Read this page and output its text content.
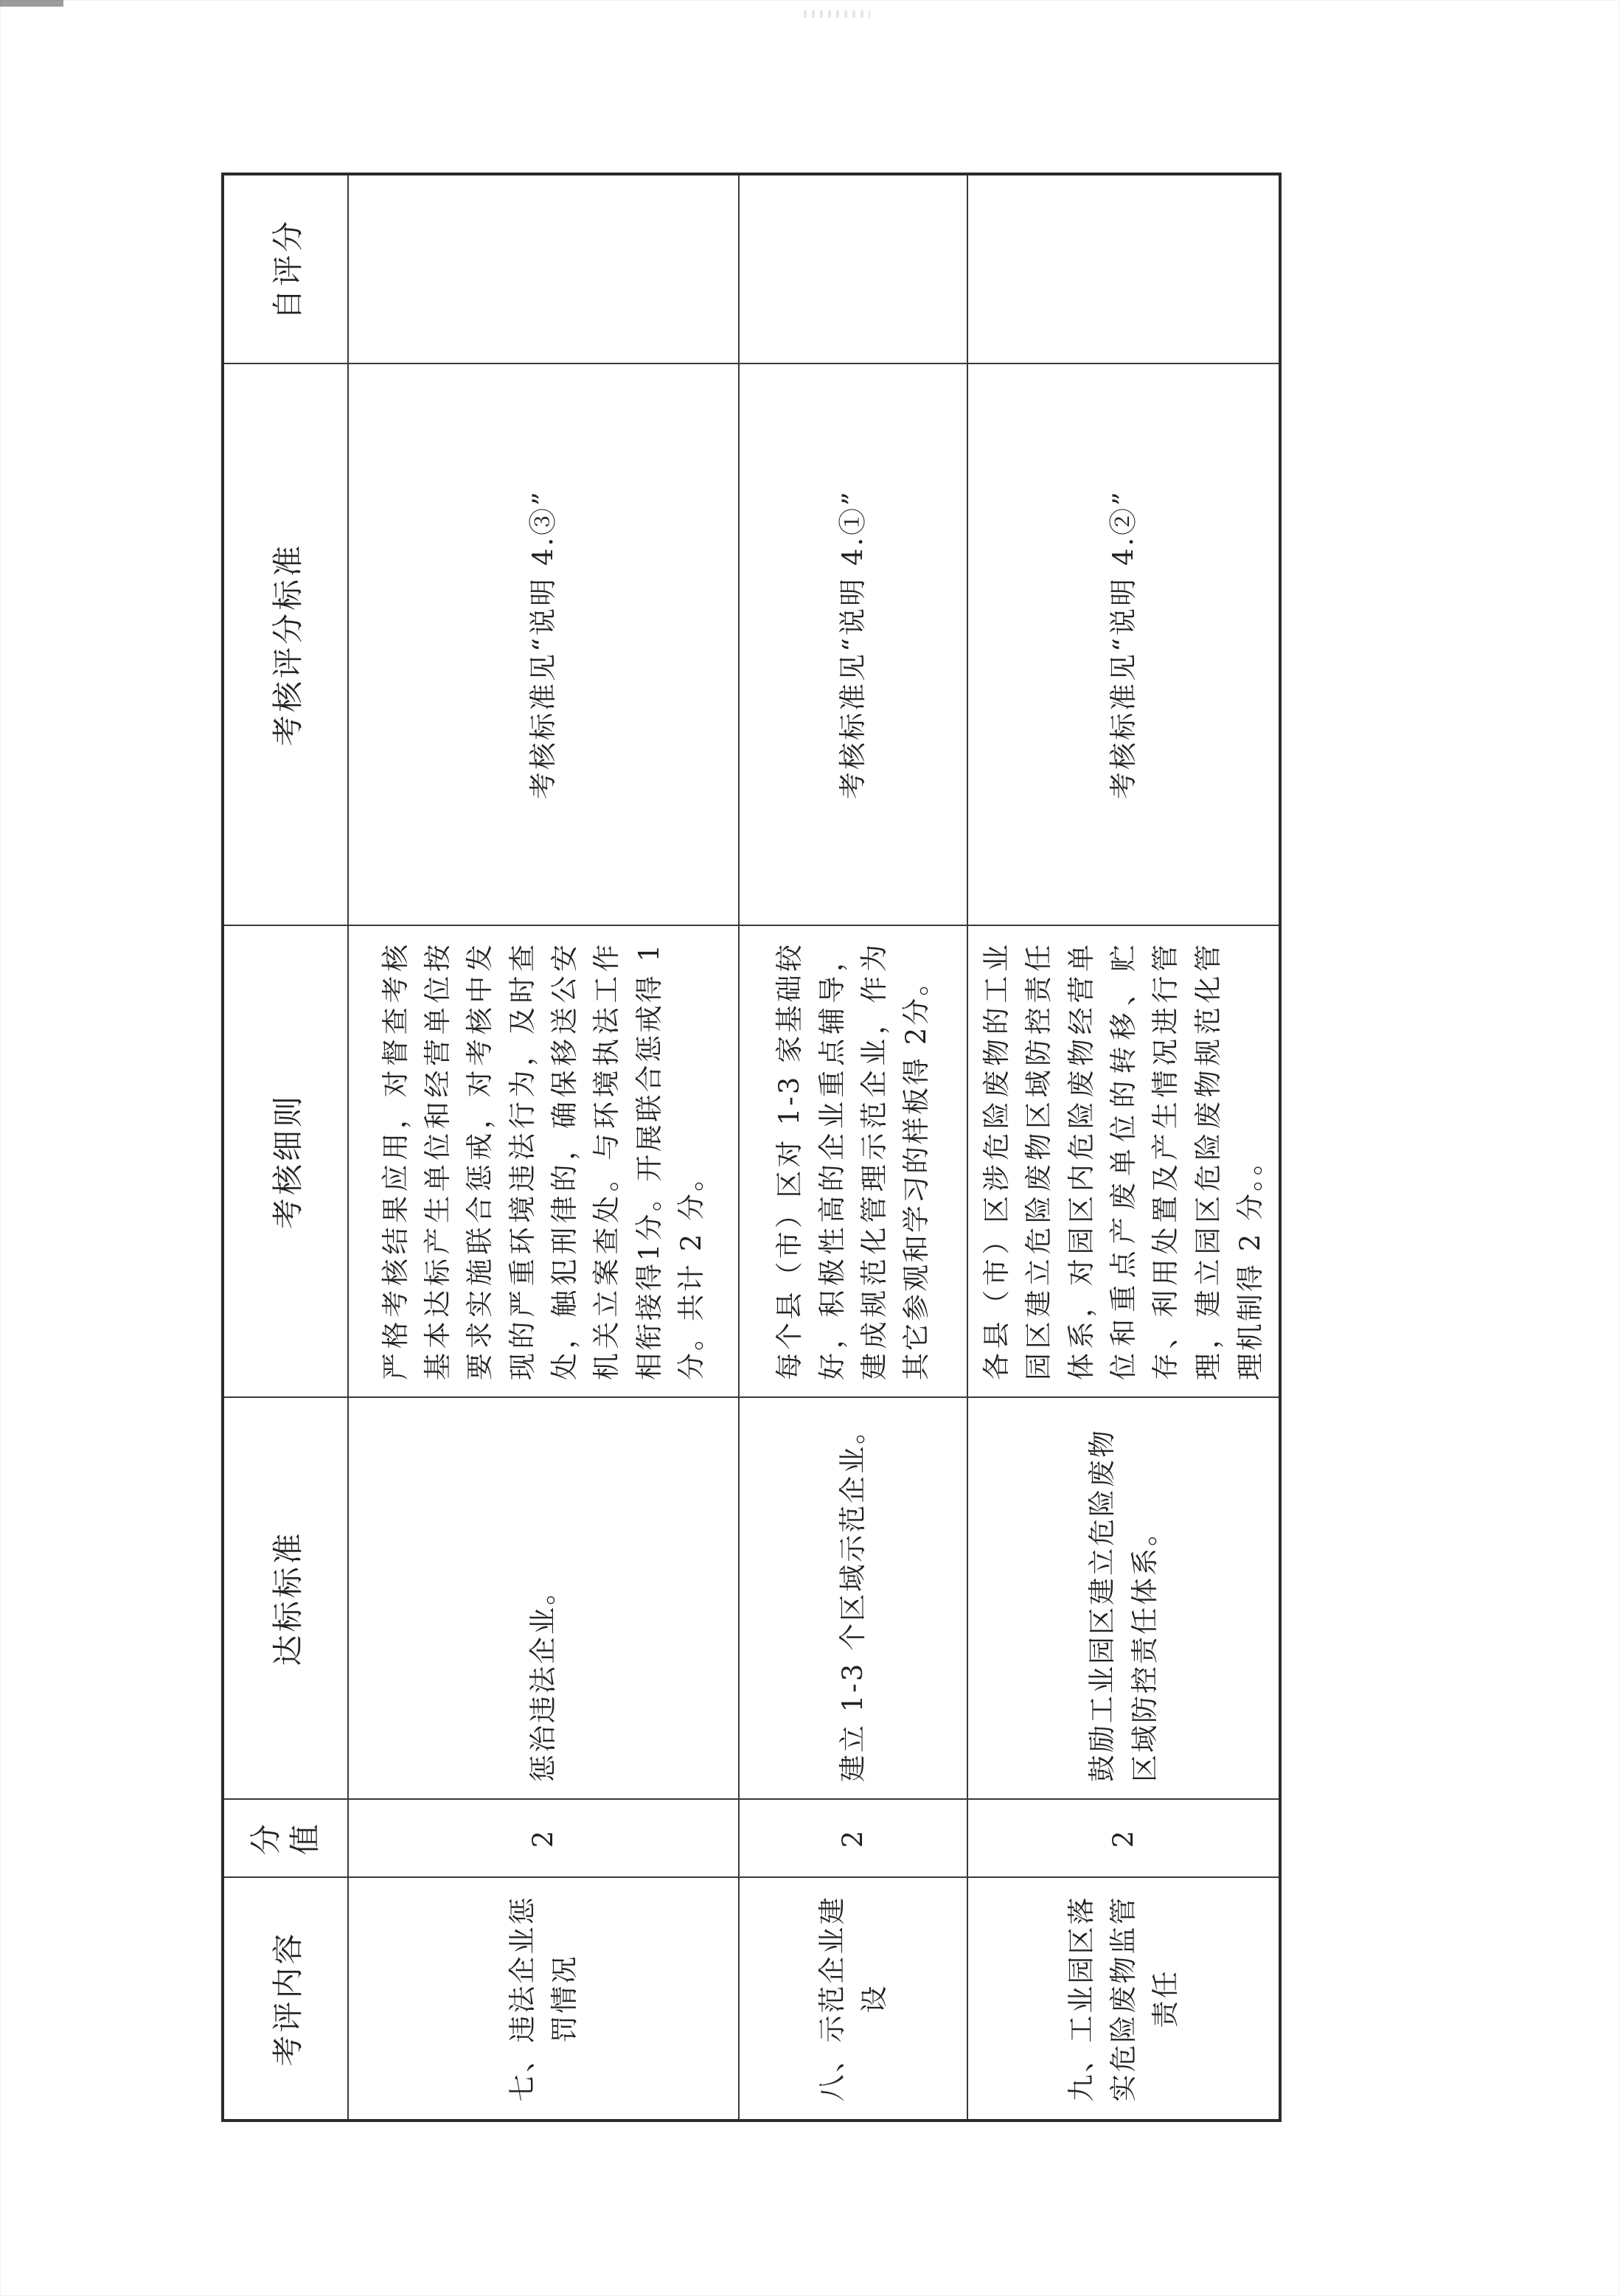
考评内容	分值	达标标准	考核细则	考核评分标准	自评分
七、违法企业惩罚情况	2	惩治违法企业。	严格考核结果应用，对督查考核基本达标产生单位和经营单位按要求实施联合惩戒，对考核中发现的严重环境违法行为，及时查处，触犯刑律的，确保移送公安机关立案查处。与环境执法工作相衔接得1分。开展联合惩戒得 1 分。共计 2 分。	考核标准见“说明 4.③”	
八、示范企业建设	2	建立 1-3 个区域示范企业。	每个县（市）区对 1-3 家基础较好，积极性高的企业重点辅导，建成规范化管理示范企业，作为其它参观和学习的样板得 2分。	考核标准见“说明 4.①”	
九、工业园区落实危险废物监管责任	2	鼓励工业园区建立危险废物区域防控责任体系。	各县（市）区涉危险废物的工业园区建立危险废物区域防控责任体系，对园区内危险废物经营单位和重点产废单位的转移、贮存、利用处置及产生情况进行管理，建立园区危险废物规范化管理机制得 2 分。。	考核标准见“说明 4.②”	
